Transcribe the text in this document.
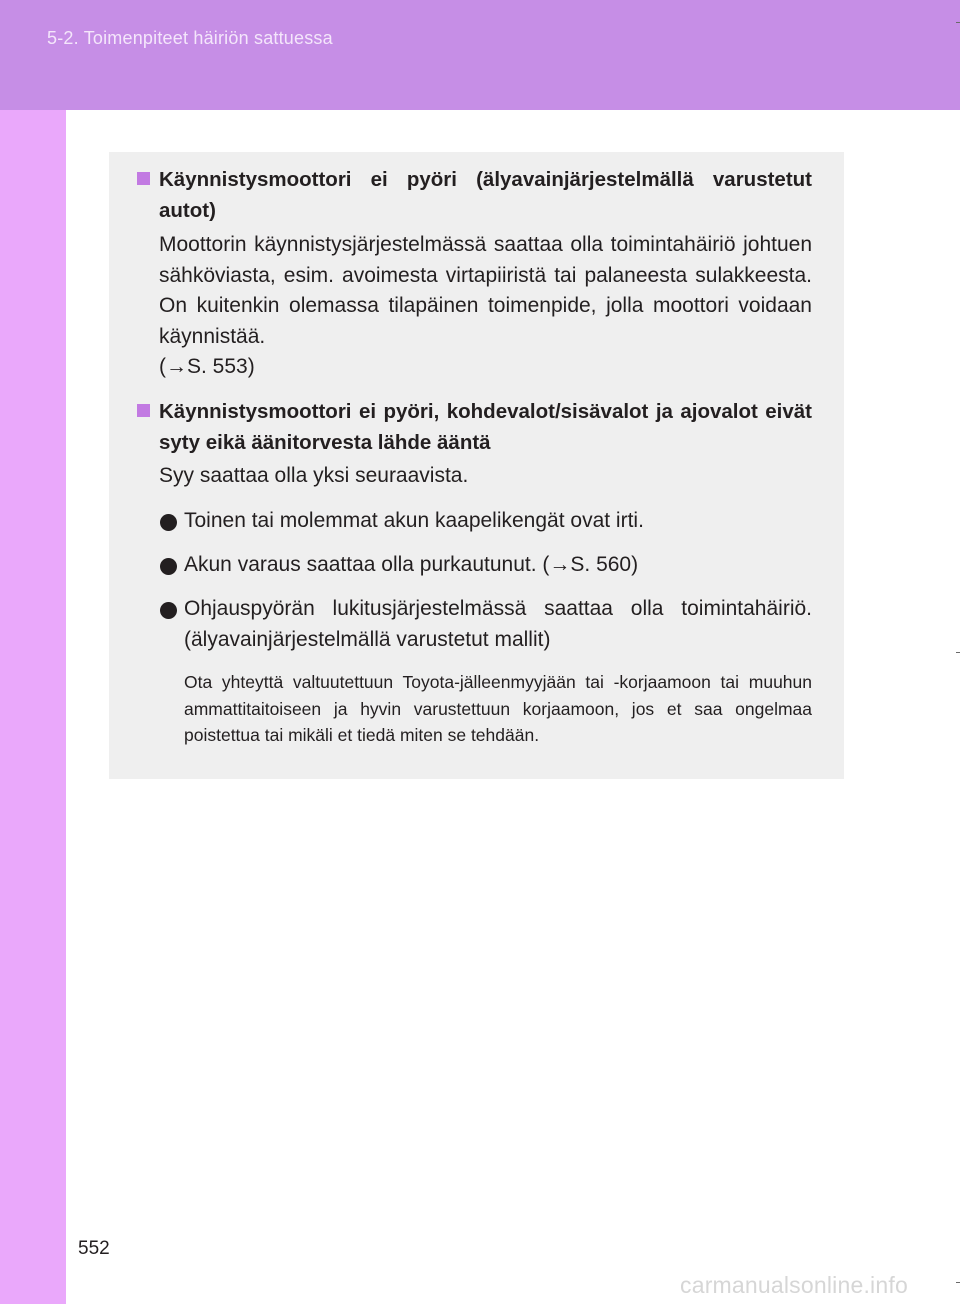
5-2. Toimenpiteet häiriön sattuessa
Käynnistysmoottori ei pyöri (älyavainjärjestelmällä varustetut autot)
Moottorin käynnistysjärjestelmässä saattaa olla toimintahäiriö johtuen sähköviasta, esim. avoimesta virtapiiristä tai palaneesta sulakkeesta. On kuitenkin olemassa tilapäinen toimenpide, jolla moottori voidaan käynnistää.
(→S. 553)
Käynnistysmoottori ei pyöri, kohdevalot/sisävalot ja ajovalot eivät syty eikä äänitorvesta lähde ääntä
Syy saattaa olla yksi seuraavista.
Toinen tai molemmat akun kaapelikengät ovat irti.
Akun varaus saattaa olla purkautunut. (→S. 560)
Ohjauspyörän lukitusjärjestelmässä saattaa olla toimintahäiriö. (älyavainjärjestelmällä varustetut mallit)
Ota yhteyttä valtuutettuun Toyota-jälleenmyyjään tai -korjaamoon tai muuhun ammattitaitoiseen ja hyvin varustettuun korjaamoon, jos et saa ongelmaa poistettua tai mikäli et tiedä miten se tehdään.
552
carmanualsonline.info
